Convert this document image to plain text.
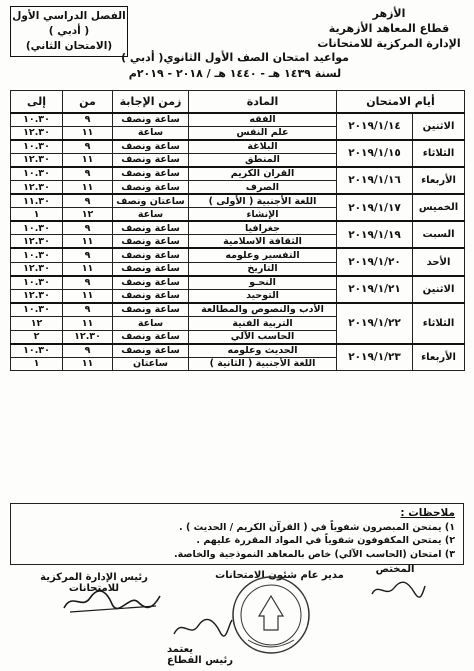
الأزهر
قطاع المعاهد الأزهرية
الإدارة المركزية للامتحانات
الفصل الدراسي الأول
( أدبي )
(الامتحان الثاني)
مواعيد امتحان الصف الأول الثانوي( أدبي )
لسنة ١٤٣٩ هـ - ١٤٤٠ هـ / ٢٠١٨ - ٢٠١٩م
أيام الامتحان		المادة	زمن الإجابة	من	إلى
الاثنين	٢٠١٩/١/١٤	الفقه	ساعة ونصف	٩	١٠.٣٠
		علم النفس	ساعة	١١	١٢.٣٠
الثلاثاء	٢٠١٩/١/١٥	البلاغة	ساعة ونصف	٩	١٠.٣٠
		المنطق	ساعة ونصف	١١	١٢.٣٠
الأربعاء	٢٠١٩/١/١٦	القرآن الكريم	ساعة ونصف	٩	١٠.٣٠
		الصرف	ساعة ونصف	١١	١٢.٣٠
الخميس	٢٠١٩/١/١٧	اللغة الأجنبية ( الأولى )	ساعتان ونصف	٩	١١.٣٠
		الإنشاء	ساعة	١٢	١
السبت	٢٠١٩/١/١٩	جغرافيا	ساعة ونصف	٩	١٠.٣٠
		الثقافة الاسلامية	ساعة ونصف	١١	١٢.٣٠
الأحد	٢٠١٩/١/٢٠	التفسير وعلومه	ساعة ونصف	٩	١٠.٣٠
		التاريخ	ساعة ونصف	١١	١٢.٣٠
الاثنين	٢٠١٩/١/٢١	النحـو	ساعة ونصف	٩	١٠.٣٠
		التوحيد	ساعة ونصف	١١	١٢.٣٠
الثلاثاء	٢٠١٩/١/٢٢	الأدب والنصوص والمطالعة	ساعة ونصف	٩	١٠.٣٠
		التربية الفنية	ساعة	١١	١٢
		الحاسب الآلي	ساعة ونصف	١٢.٣٠	٢
الأربعاء	٢٠١٩/١/٢٣	الحديث وعلومه	ساعة ونصف	٩	١٠.٣٠
		اللغة الأجنبية ( الثانية )	ساعتان	١١	١
ملاحظات :
١) يمتحن المبصرون شفوياً في ( القرآن الكريم / الحديث ) .
٢) يمتحن المكفوفون شفوياً في المواد المقررة عليهم .
٣) امتحان (الحاسب الآلي) خاص بالمعاهد النموذجية والخاصة.
رئيس الإدارة المركزية للامتحانات
مدير عام شئون الامتحانات
المختص
يعتمد
رئيس القطاع
